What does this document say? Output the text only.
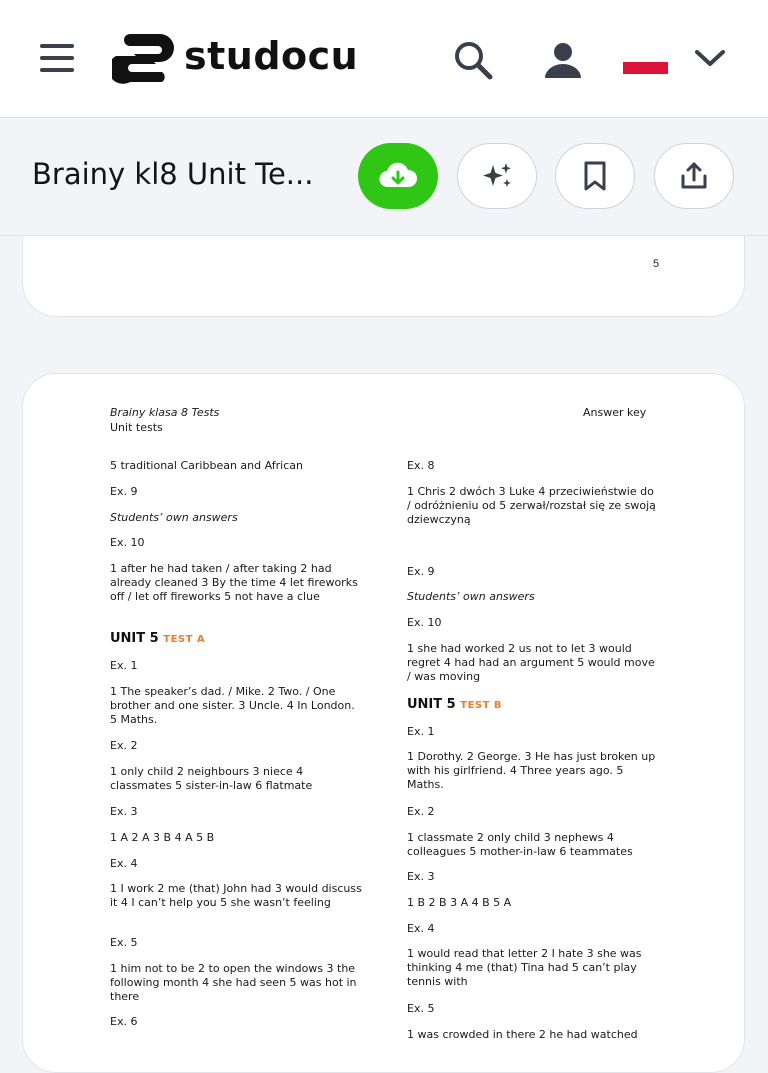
studocu
5
Brainy kl8 Unit Te...
Brainy klasa 8 Tests
Unit tests
Answer key

5 traditional Caribbean and African

Ex. 9

Students’ own answers

Ex. 10

1 after he had taken / after taking 2 had already cleaned 3 By the time 4 let fireworks off / let off fireworks 5 not have a clue

UNIT 5 TEST A

Ex. 1

1 The speaker’s dad. / Mike. 2 Two. / One brother and one sister. 3 Uncle. 4 In London. 5 Maths.

Ex. 2

1 only child 2 neighbours 3 niece 4 classmates 5 sister-in-law 6 flatmate

Ex. 3

1 A 2 A 3 B 4 A 5 B

Ex. 4

1 I work 2 me (that) John had 3 would discuss it 4 I can’t help you 5 she wasn’t feeling

Ex. 5

1 him not to be 2 to open the windows 3 the following month 4 she had seen 5 was hot in there

Ex. 6

Ex. 8

1 Chris 2 dwóch 3 Luke 4 przeciwieństwie do / odróżnieniu od 5 zerwał/rozstał się ze swoją dziewczyną

Ex. 9

Students’ own answers

Ex. 10

1 she had worked 2 us not to let 3 would regret 4 had had an argument 5 would move / was moving

UNIT 5 TEST B

Ex. 1

1 Dorothy. 2 George. 3 He has just broken up with his girlfriend. 4 Three years ago. 5 Maths.

Ex. 2

1 classmate 2 only child 3 nephews 4 colleagues 5 mother-in-law 6 teammates

Ex. 3

1 B 2 B 3 A 4 B 5 A

Ex. 4

1 would read that letter 2 I hate 3 she was thinking 4 me (that) Tina had 5 can’t play tennis with

Ex. 5

1 was crowded in there 2 he had watched
